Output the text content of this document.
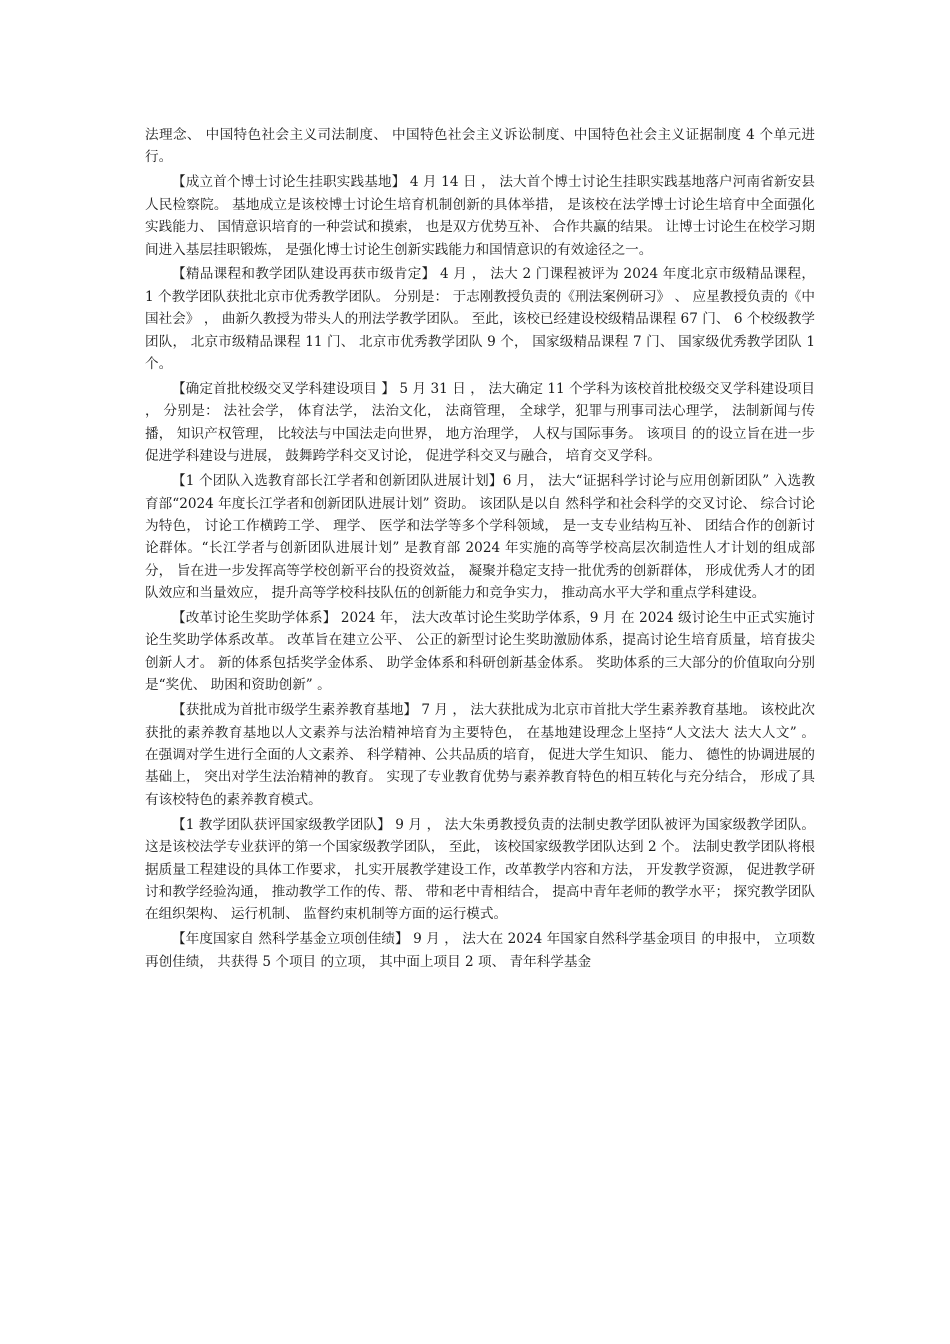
法理念、 中国特色社会主义司法制度、 中国特色社会主义诉讼制度、中国特色社会主义证据制度 4 个单元进行。

【成立首个博士讨论生挂职实践基地】 4 月 14 日 ， 法大首个博士讨论生挂职实践基地落户河南省新安县人民检察院。 基地成立是该校博士讨论生培育机制创新的具体举措， 是该校在法学博士讨论生培育中全面强化实践能力、 国情意识培育的一种尝试和摸索， 也是双方优势互补、 合作共赢的结果。 让博士讨论生在校学习期间进入基层挂职锻炼， 是强化博士讨论生创新实践能力和国情意识的有效途径之一。

【精品课程和教学团队建设再获市级肯定】 4 月 ， 法大 2 门课程被评为 2024 年度北京市级精品课程， 1 个教学团队获批北京市优秀教学团队。 分别是： 于志刚教授负责的《刑法案例研习》 、 应星教授负责的《中国社会》 ， 曲新久教授为带头人的刑法学教学团队。 至此，该校已经建设校级精品课程 67 门、 6 个校级教学团队， 北京市级精品课程 11 门、 北京市优秀教学团队 9 个， 国家级精品课程 7 门、 国家级优秀教学团队 1 个。

【确定首批校级交叉学科建设项目 】 5 月 31 日 ， 法大确定 11 个学科为该校首批校级交叉学科建设项目 ， 分别是： 法社会学， 体育法学， 法治文化， 法商管理， 全球学，犯罪与刑事司法心理学， 法制新闻与传播， 知识产权管理， 比较法与中国法走向世界， 地方治理学， 人权与国际事务。 该项目 的的设立旨在进一步促进学科建设与进展， 鼓舞跨学科交叉讨论， 促进学科交叉与融合， 培育交叉学科。

【1 个团队入选教育部长江学者和创新团队进展计划】6 月， 法大“证据科学讨论与应用创新团队” 入选教育部“2024 年度长江学者和创新团队进展计划” 资助。 该团队是以自 然科学和社会科学的交叉讨论、 综合讨论为特色， 讨论工作横跨工学、 理学、 医学和法学等多个学科领域， 是一支专业结构互补、 团结合作的创新讨论群体。“长江学者与创新团队进展计划” 是教育部 2024 年实施的高等学校高层次制造性人才计划的组成部分， 旨在进一步发挥高等学校创新平台的投资效益， 凝聚并稳定支持一批优秀的创新群体， 形成优秀人才的团队效应和当量效应， 提升高等学校科技队伍的创新能力和竞争实力， 推动高水平大学和重点学科建设。

【改革讨论生奖助学体系】 2024 年， 法大改革讨论生奖助学体系，9 月 在 2024 级讨论生中正式实施讨论生奖助学体系改革。 改革旨在建立公平、 公正的新型讨论生奖助激励体系，提高讨论生培育质量，培育拔尖创新人才。 新的体系包括奖学金体系、 助学金体系和科研创新基金体系。 奖助体系的三大部分的价值取向分别是“奖优、 助困和资助创新” 。

【获批成为首批市级学生素养教育基地】 7 月 ， 法大获批成为北京市首批大学生素养教育基地。 该校此次获批的素养教育基地以人文素养与法治精神培育为主要特色， 在基地建设理念上坚持“人文法大 法大人文” 。 在强调对学生进行全面的人文素养、 科学精神、公共品质的培育， 促进大学生知识、 能力、 德性的协调进展的基础上， 突出对学生法治精神的教育。 实现了专业教育优势与素养教育特色的相互转化与充分结合， 形成了具有该校特色的素养教育模式。

【1 教学团队获评国家级教学团队】 9 月 ， 法大朱勇教授负责的法制史教学团队被评为国家级教学团队。 这是该校法学专业获评的第一个国家级教学团队， 至此， 该校国家级教学团队达到 2 个。 法制史教学团队将根据质量工程建设的具体工作要求， 扎实开展教学建设工作，改革教学内容和方法， 开发教学资源， 促进教学研讨和教学经验沟通， 推动教学工作的传、帮、 带和老中青相结合， 提高中青年老师的教学水平； 探究教学团队在组织架构、 运行机制、 监督约束机制等方面的运行模式。

【年度国家自 然科学基金立项创佳绩】 9 月 ， 法大在 2024 年国家自然科学基金项目 的申报中， 立项数再创佳绩， 共获得 5 个项目 的立项， 其中面上项目 2 项、 青年科学基金
